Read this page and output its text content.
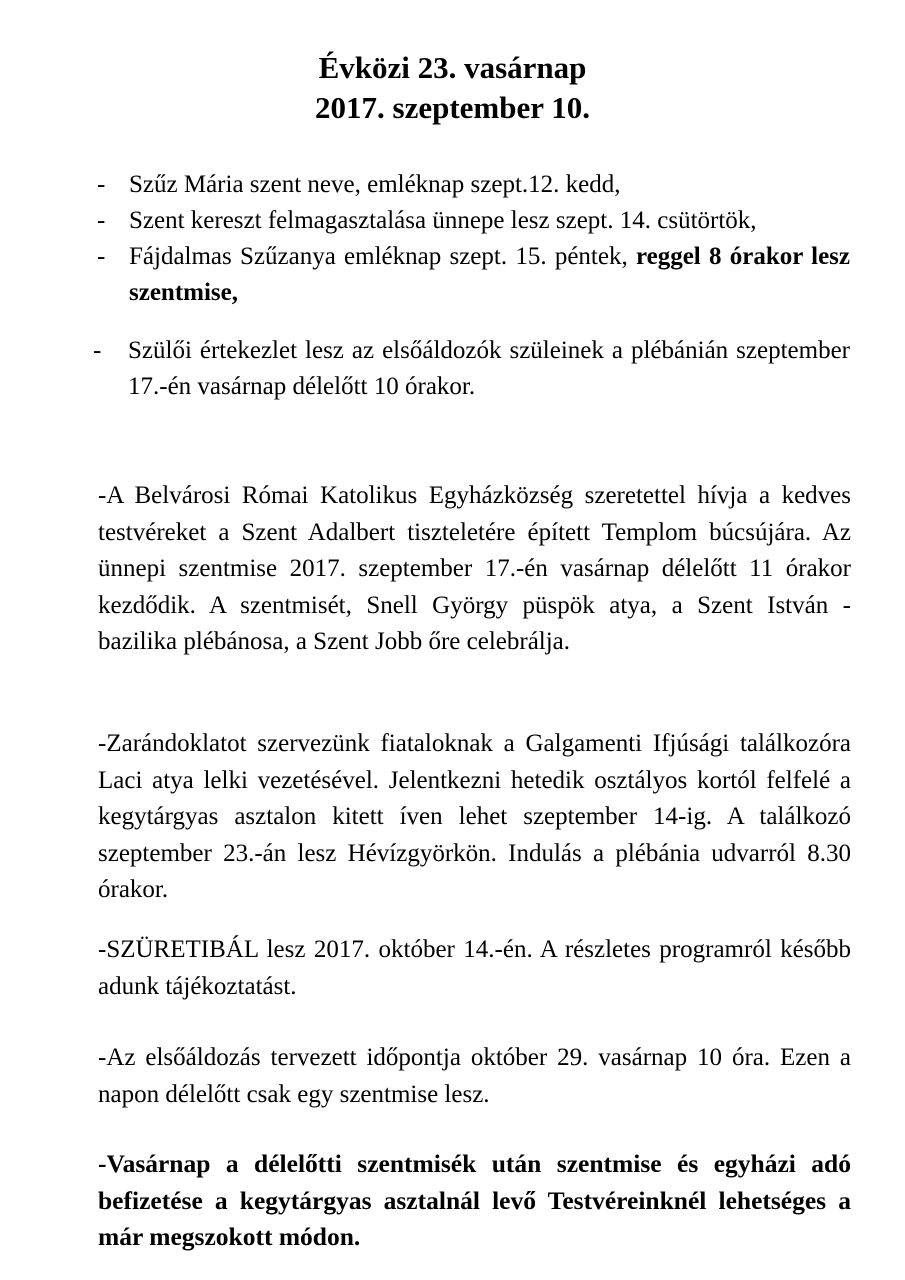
Évközi 23. vasárnap
2017. szeptember 10.
- Szűz Mária szent neve, emléknap szept.12. kedd,
- Szent kereszt felmagasztalása ünnepe lesz szept. 14. csütörtök,
- Fájdalmas Szűzanya emléknap szept. 15. péntek, reggel 8 órakor lesz szentmise,
- Szülői értekezlet lesz az elsőáldozók szüleinek a plébánián szeptember 17.-én vasárnap délelőtt 10 órakor.

-A Belvárosi Római Katolikus Egyházközség szeretettel hívja a kedves testvéreket a Szent Adalbert tiszteletére épített Templom búcsújára. Az ünnepi szentmise 2017. szeptember 17.-én vasárnap délelőtt 11 órakor kezdődik. A szentmisét, Snell György püspök atya, a Szent István - bazilika plébánosa, a Szent Jobb őre celebrálja.

-Zarándoklatot szervezünk fiataloknak a Galgamenti Ifjúsági találkozóra Laci atya lelki vezetésével. Jelentkezni hetedik osztályos kortól felfelé a kegytárgyas asztalon kitett íven lehet szeptember 14-ig. A találkozó szeptember 23.-án lesz Hévízgyörkön. Indulás a plébánia udvarról 8.30 órakor.

-SZÜRETIBÁL lesz 2017. október 14.-én. A részletes programról később adunk tájékoztatást.

-Az elsőáldozás tervezett időpontja október 29. vasárnap 10 óra. Ezen a napon délelőtt csak egy szentmise lesz.

-Vasárnap a délelőtti szentmisék után szentmise és egyházi adó befizetése a kegytárgyas asztalnál levő Testvéreinknél lehetséges a már megszokott módon.
